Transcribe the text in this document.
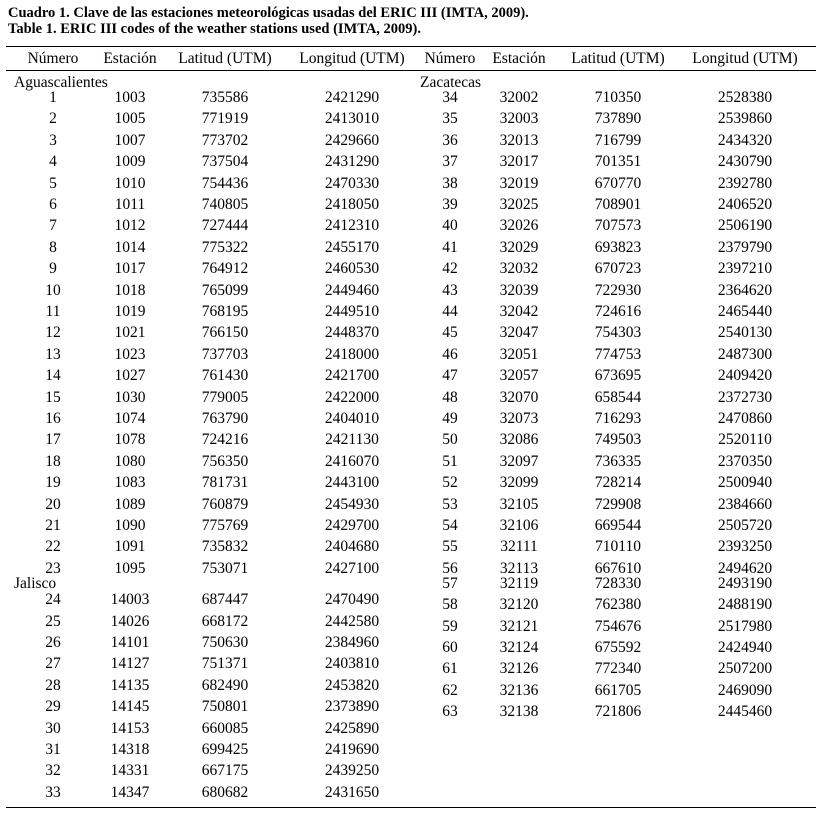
Cuadro 1. Clave de las estaciones meteorológicas usadas del ERIC III (IMTA, 2009).
Table 1. ERIC III codes of the weather stations used (IMTA, 2009).
Número	Estación	Latitud (UTM)	Longitud (UTM)	Número	Estación	Latitud (UTM)	Longitud (UTM)
Aguascalientes
1	1003	735586	2421290
2	1005	771919	2413010
3	1007	773702	2429660
4	1009	737504	2431290
5	1010	754436	2470330
6	1011	740805	2418050
7	1012	727444	2412310
8	1014	775322	2455170
9	1017	764912	2460530
10	1018	765099	2449460
11	1019	768195	2449510
12	1021	766150	2448370
13	1023	737703	2418000
14	1027	761430	2421700
15	1030	779005	2422000
16	1074	763790	2404010
17	1078	724216	2421130
18	1080	756350	2416070
19	1083	781731	2443100
20	1089	760879	2454930
21	1090	775769	2429700
22	1091	735832	2404680
23	1095	753071	2427100
Jalisco
24	14003	687447	2470490
25	14026	668172	2442580
26	14101	750630	2384960
27	14127	751371	2403810
28	14135	682490	2453820
29	14145	750801	2373890
30	14153	660085	2425890
31	14318	699425	2419690
32	14331	667175	2439250
33	14347	680682	2431650
Zacatecas
34	32002	710350	2528380
35	32003	737890	2539860
36	32013	716799	2434320
37	32017	701351	2430790
38	32019	670770	2392780
39	32025	708901	2406520
40	32026	707573	2506190
41	32029	693823	2379790
42	32032	670723	2397210
43	32039	722930	2364620
44	32042	724616	2465440
45	32047	754303	2540130
46	32051	774753	2487300
47	32057	673695	2409420
48	32070	658544	2372730
49	32073	716293	2470860
50	32086	749503	2520110
51	32097	736335	2370350
52	32099	728214	2500940
53	32105	729908	2384660
54	32106	669544	2505720
55	32111	710110	2393250
56	32113	667610	2494620
57	32119	728330	2493190
58	32120	762380	2488190
59	32121	754676	2517980
60	32124	675592	2424940
61	32126	772340	2507200
62	32136	661705	2469090
63	32138	721806	2445460
